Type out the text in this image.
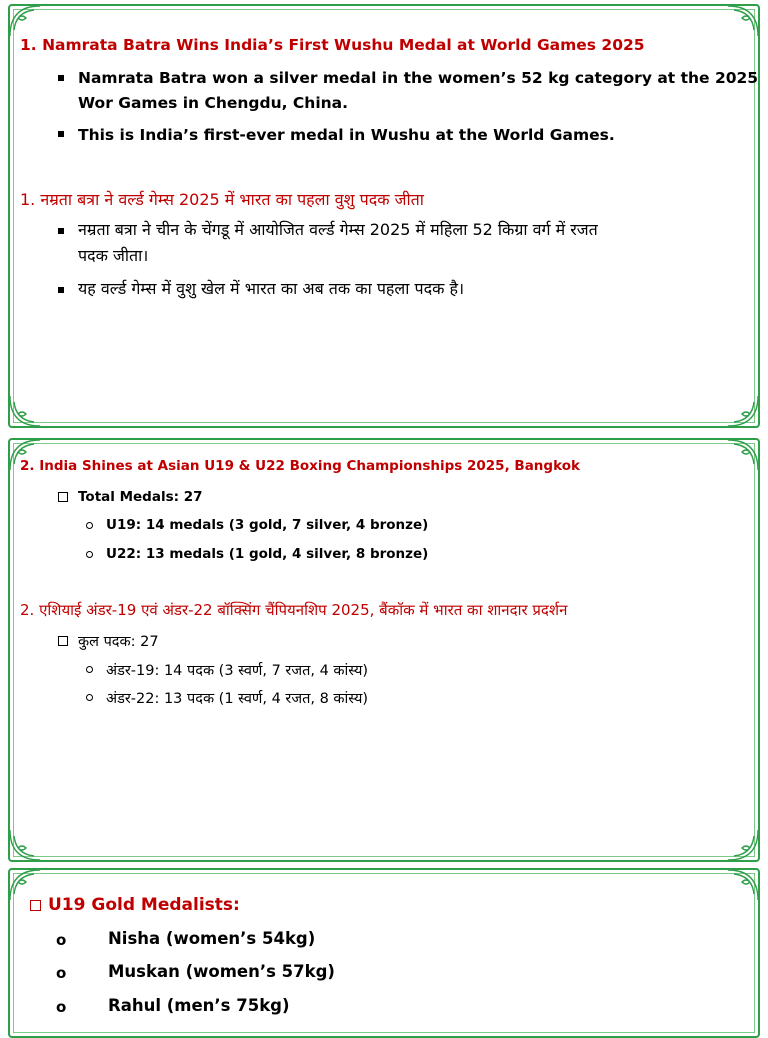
1. Namrata Batra Wins India’s First Wushu Medal at World Games 2025
Namrata Batra won a silver medal in the women’s 52 kg category at the 2025
Wor Games in Chengdu, China.
This is India’s first-ever medal in Wushu at the World Games.
1. नम्रता बत्रा ने वर्ल्ड गेम्स 2025 में भारत का पहला वुशु पदक जीता
नम्रता बत्रा ने चीन के चेंगडू में आयोजित वर्ल्ड गेम्स 2025 में महिला 52 किग्रा वर्ग में रजत
पदक जीता।
यह वर्ल्ड गेम्स में वुशु खेल में भारत का अब तक का पहला पदक है।
2. India Shines at Asian U19 & U22 Boxing Championships 2025, Bangkok
Total Medals: 27
U19: 14 medals (3 gold, 7 silver, 4 bronze)
U22: 13 medals (1 gold, 4 silver, 8 bronze)
2. एशियाई अंडर-19 एवं अंडर-22 बॉक्सिंग चैंपियनशिप 2025, बैंकॉक में भारत का शानदार प्रदर्शन
कुल पदक: 27
अंडर-19: 14 पदक (3 स्वर्ण, 7 रजत, 4 कांस्य)
अंडर-22: 13 पदक (1 स्वर्ण, 4 रजत, 8 कांस्य)
U19 Gold Medalists:
o	Nisha (women’s 54kg)
o	Muskan (women’s 57kg)
o	Rahul (men’s 75kg)
